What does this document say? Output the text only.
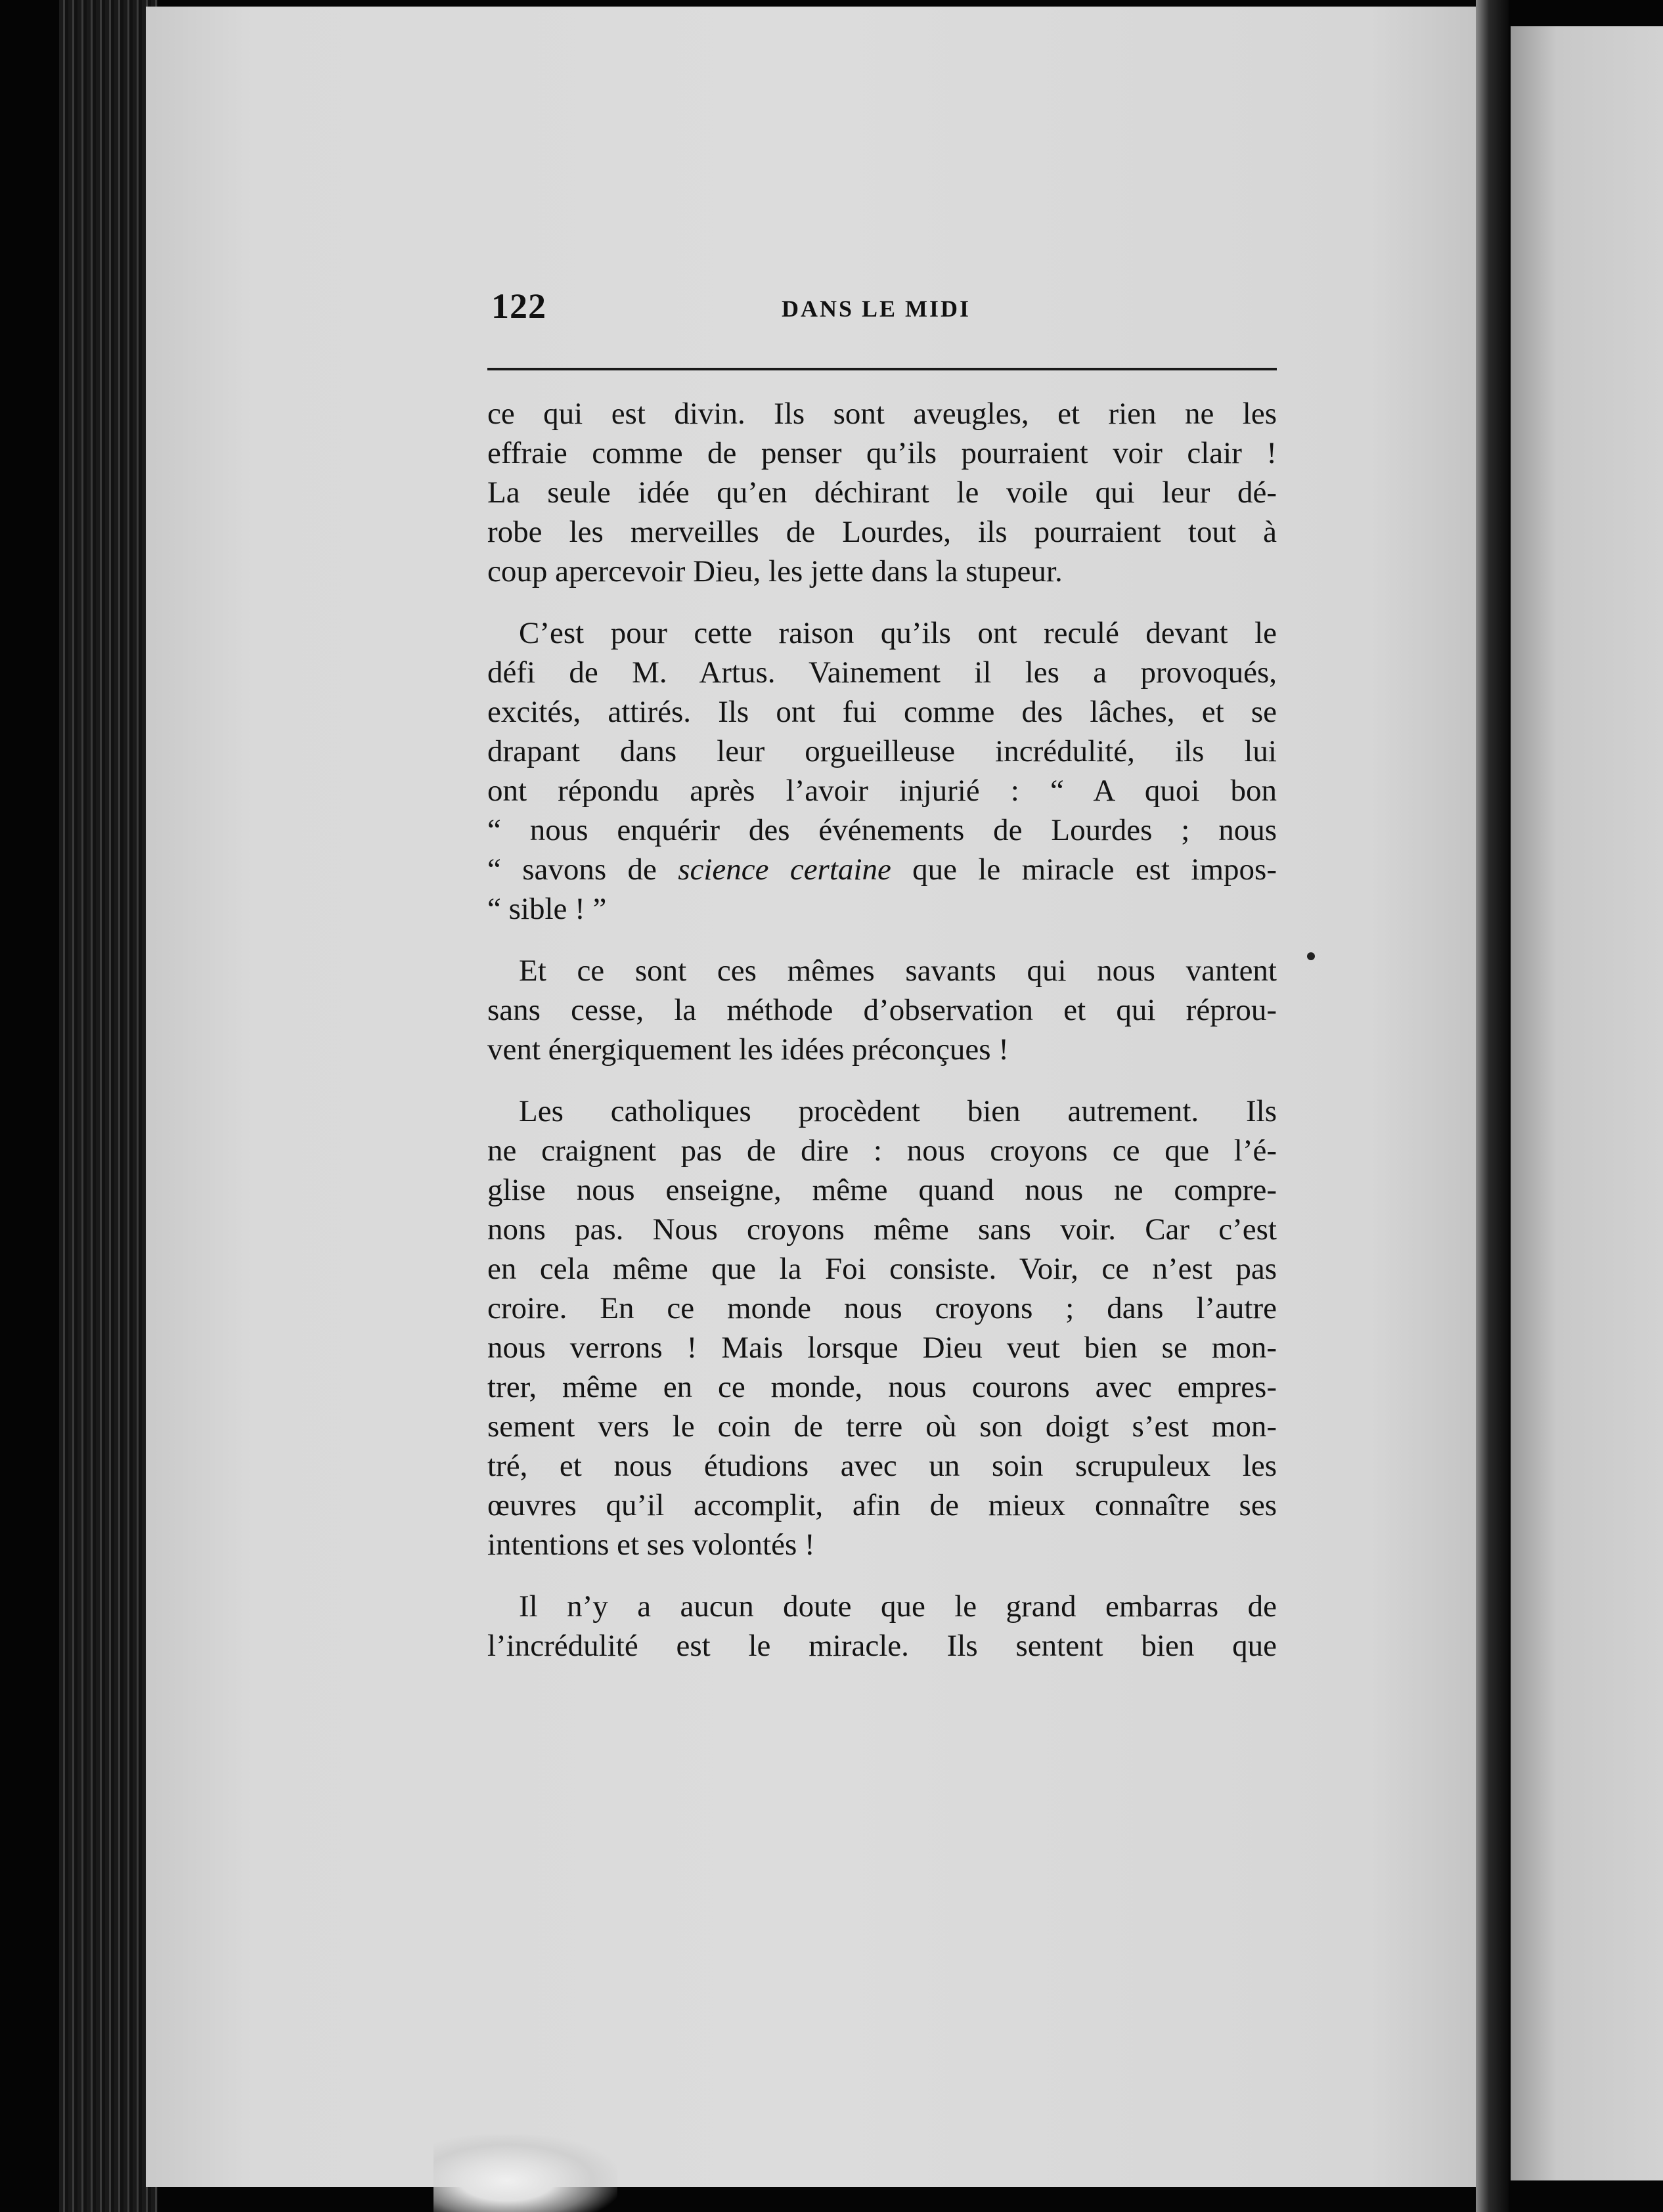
122	DANS LE MIDI
ce qui est divin. Ils sont aveugles, et rien ne les
effraie comme de penser qu’ils pourraient voir clair !
La seule idée qu’en déchirant le voile qui leur dé-
robe les merveilles de Lourdes, ils pourraient tout à
coup apercevoir Dieu, les jette dans la stupeur.
C’est pour cette raison qu’ils ont reculé devant le
défi de M. Artus. Vainement il les a provoqués,
excités, attirés. Ils ont fui comme des lâches, et se
drapant dans leur orgueilleuse incrédulité, ils lui
ont répondu après l’avoir injurié : “ A quoi bon
“ nous enquérir des événements de Lourdes ; nous
“ savons de science certaine que le miracle est impos-
“ sible ! ”
Et ce sont ces mêmes savants qui nous vantent
sans cesse, la méthode d’observation et qui réprou-
vent énergiquement les idées préconçues !
Les catholiques procèdent bien autrement. Ils
ne craignent pas de dire : nous croyons ce que l’é-
glise nous enseigne, même quand nous ne compre-
nons pas. Nous croyons même sans voir. Car c’est
en cela même que la Foi consiste. Voir, ce n’est pas
croire. En ce monde nous croyons ; dans l’autre
nous verrons ! Mais lorsque Dieu veut bien se mon-
trer, même en ce monde, nous courons avec empres-
sement vers le coin de terre où son doigt s’est mon-
tré, et nous étudions avec un soin scrupuleux les
œuvres qu’il accomplit, afin de mieux connaître ses
intentions et ses volontés !
Il n’y a aucun doute que le grand embarras de
l’incrédulité est le miracle. Ils sentent bien que
